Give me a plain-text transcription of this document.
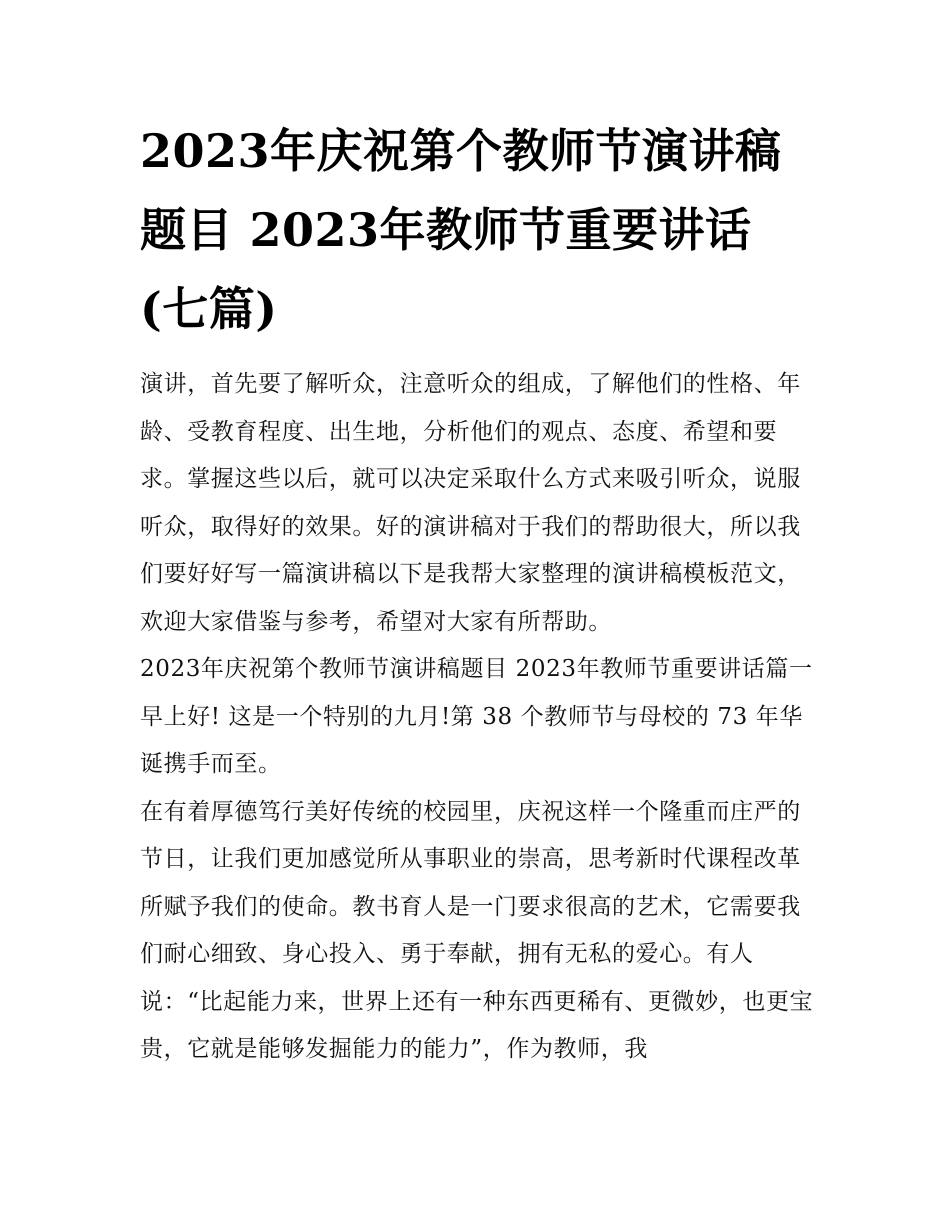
2023年庆祝第个教师节演讲稿题目 2023年教师节重要讲话(七篇)

演讲，首先要了解听众，注意听众的组成，了解他们的性格、年龄、受教育程度、出生地，分析他们的观点、态度、希望和要求。掌握这些以后，就可以决定采取什么方式来吸引听众，说服听众，取得好的效果。好的演讲稿对于我们的帮助很大，所以我们要好好写一篇演讲稿以下是我帮大家整理的演讲稿模板范文，欢迎大家借鉴与参考，希望对大家有所帮助。

2023年庆祝第个教师节演讲稿题目 2023年教师节重要讲话篇一 早上好! 这是一个特别的九月!第 38 个教师节与母校的 73 年华诞携手而至。

在有着厚德笃行美好传统的校园里，庆祝这样一个隆重而庄严的节日，让我们更加感觉所从事职业的崇高，思考新时代课程改革所赋予我们的使命。教书育人是一门要求很高的艺术，它需要我们耐心细致、身心投入、勇于奉献，拥有无私的爱心。有人说：“比起能力来，世界上还有一种东西更稀有、更微妙，也更宝贵，它就是能够发掘能力的能力”，作为教师，我
